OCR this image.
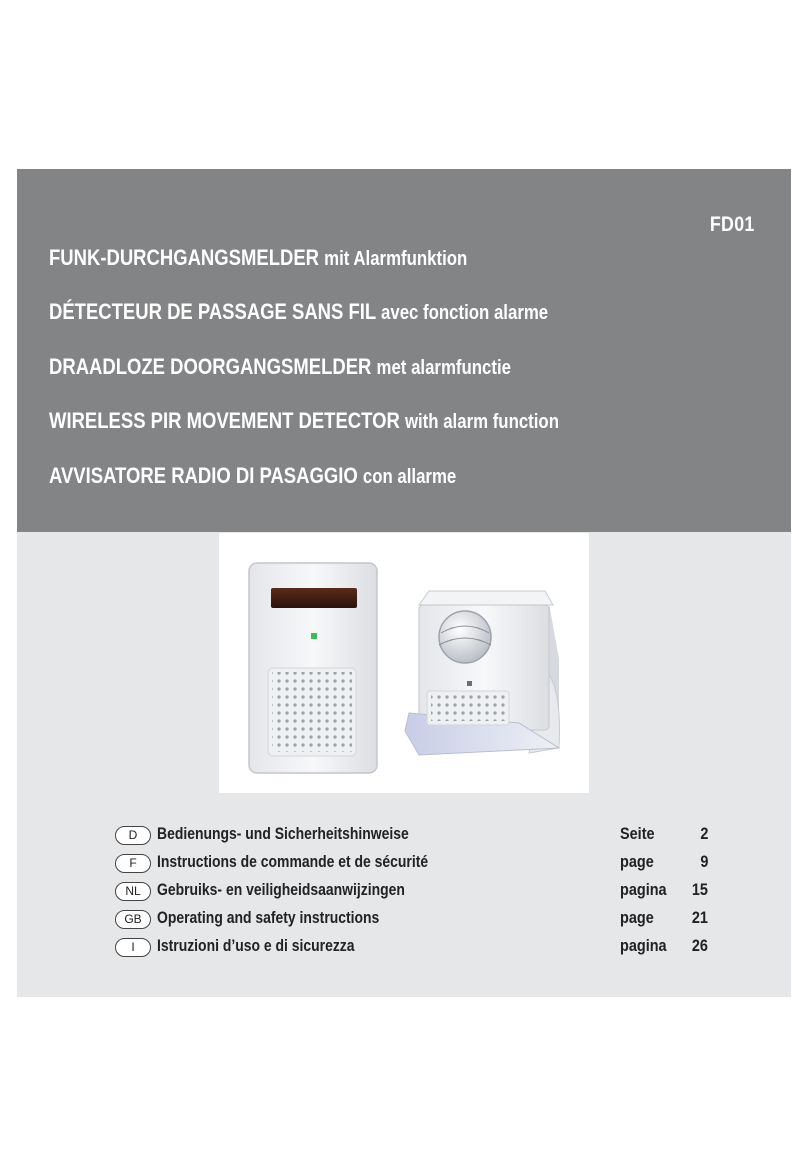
FD01
FUNK-DURCHGANGSMELDER mit Alarmfunktion
DÉTECTEUR DE PASSAGE SANS FIL avec fonction alarme
DRAADLOZE DOORGANGSMELDER met alarmfunctie
WIRELESS PIR MOVEMENT DETECTOR with alarm function
AVVISATORE RADIO DI PASAGGIO con allarme
D	Bedienungs- und Sicherheitshinweise	Seite	2
F	Instructions de commande et de sécurité	page	9
NL Gebruiks- en veiligheidsaanwijzingen	pagina 15
GB Operating and safety instructions	page 21
I	Istruzioni d’uso e di sicurezza	pagina 26
